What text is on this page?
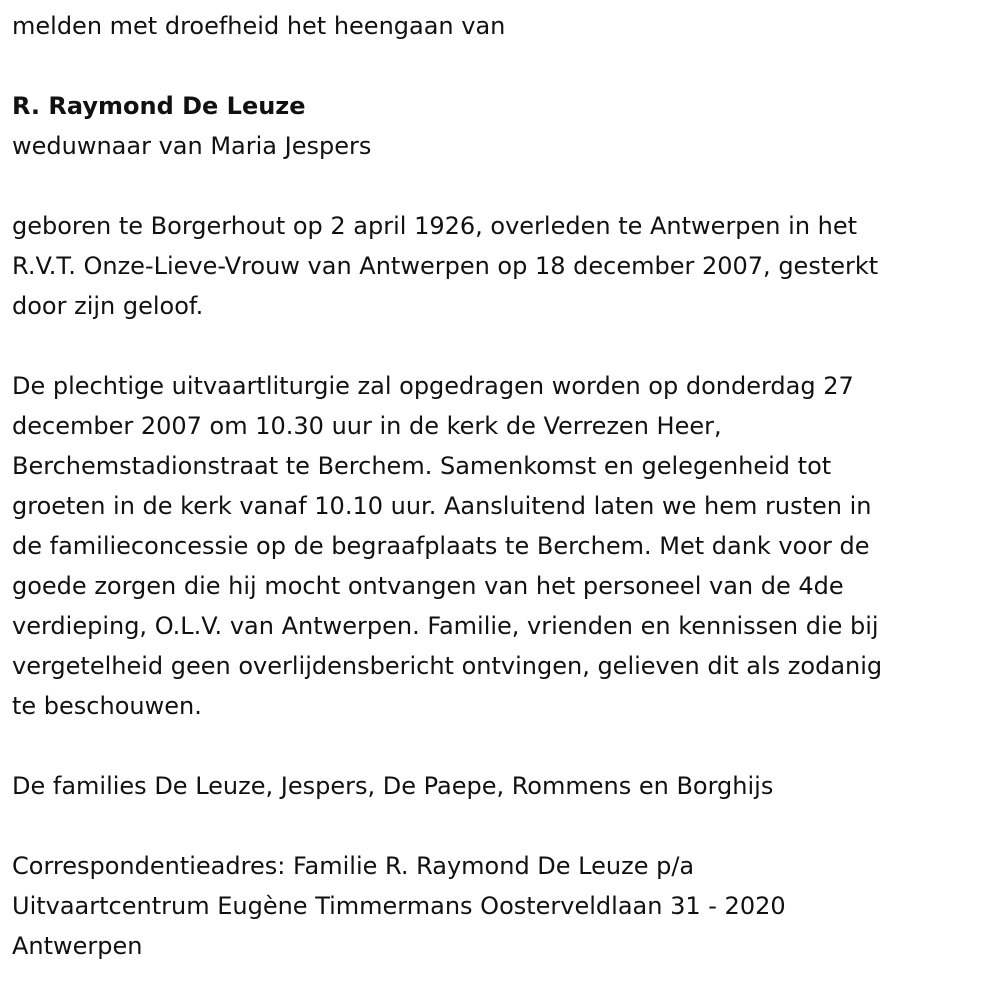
melden met droefheid het heengaan van
R. Raymond De Leuze
weduwnaar van Maria Jespers
geboren te Borgerhout op 2 april 1926, overleden te Antwerpen in het
R.V.T. Onze-Lieve-Vrouw van Antwerpen op 18 december 2007, gesterkt
door zijn geloof.
De plechtige uitvaartliturgie zal opgedragen worden op donderdag 27
december 2007 om 10.30 uur in de kerk de Verrezen Heer,
Berchemstadionstraat te Berchem. Samenkomst en gelegenheid tot
groeten in de kerk vanaf 10.10 uur. Aansluitend laten we hem rusten in
de familieconcessie op de begraafplaats te Berchem. Met dank voor de
goede zorgen die hij mocht ontvangen van het personeel van de 4de
verdieping, O.L.V. van Antwerpen. Familie, vrienden en kennissen die bij
vergetelheid geen overlijdensbericht ontvingen, gelieven dit als zodanig
te beschouwen.
De families De Leuze, Jespers, De Paepe, Rommens en Borghijs
Correspondentieadres: Familie R. Raymond De Leuze p/a
Uitvaartcentrum Eugène Timmermans Oosterveldlaan 31 - 2020
Antwerpen
